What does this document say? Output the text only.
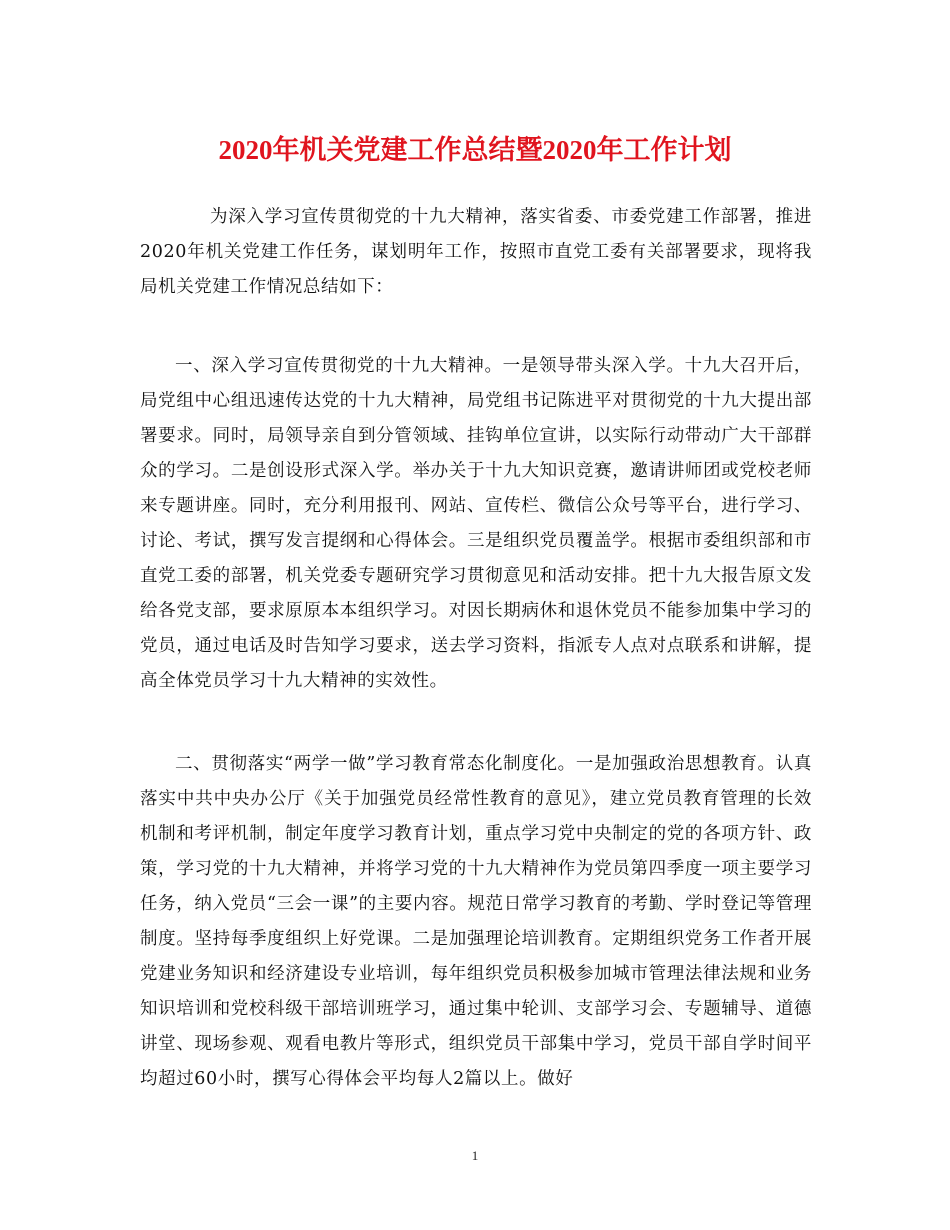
2020年机关党建工作总结暨2020年工作计划

为深入学习宣传贯彻党的十九大精神，落实省委、市委党建工作部署，推进2020年机关党建工作任务，谋划明年工作，按照市直党工委有关部署要求，现将我局机关党建工作情况总结如下：

一、深入学习宣传贯彻党的十九大精神。一是领导带头深入学。十九大召开后，局党组中心组迅速传达党的十九大精神，局党组书记陈进平对贯彻党的十九大提出部署要求。同时，局领导亲自到分管领域、挂钩单位宣讲，以实际行动带动广大干部群众的学习。二是创设形式深入学。举办关于十九大知识竞赛，邀请讲师团或党校老师来专题讲座。同时，充分利用报刊、网站、宣传栏、微信公众号等平台，进行学习、讨论、考试，撰写发言提纲和心得体会。三是组织党员覆盖学。根据市委组织部和市直党工委的部署，机关党委专题研究学习贯彻意见和活动安排。把十九大报告原文发给各党支部，要求原原本本组织学习。对因长期病休和退休党员不能参加集中学习的党员，通过电话及时告知学习要求，送去学习资料，指派专人点对点联系和讲解，提高全体党员学习十九大精神的实效性。

二、贯彻落实“两学一做”学习教育常态化制度化。一是加强政治思想教育。认真落实中共中央办公厅《关于加强党员经常性教育的意见》，建立党员教育管理的长效机制和考评机制，制定年度学习教育计划，重点学习党中央制定的党的各项方针、政策，学习党的十九大精神，并将学习党的十九大精神作为党员第四季度一项主要学习任务，纳入党员“三会一课”的主要内容。规范日常学习教育的考勤、学时登记等管理制度。坚持每季度组织上好党课。二是加强理论培训教育。定期组织党务工作者开展党建业务知识和经济建设专业培训，每年组织党员积极参加城市管理法律法规和业务知识培训和党校科级干部培训班学习，通过集中轮训、支部学习会、专题辅导、道德讲堂、现场参观、观看电教片等形式，组织党员干部集中学习，党员干部自学时间平均超过60小时，撰写心得体会平均每人2篇以上。做好

1
